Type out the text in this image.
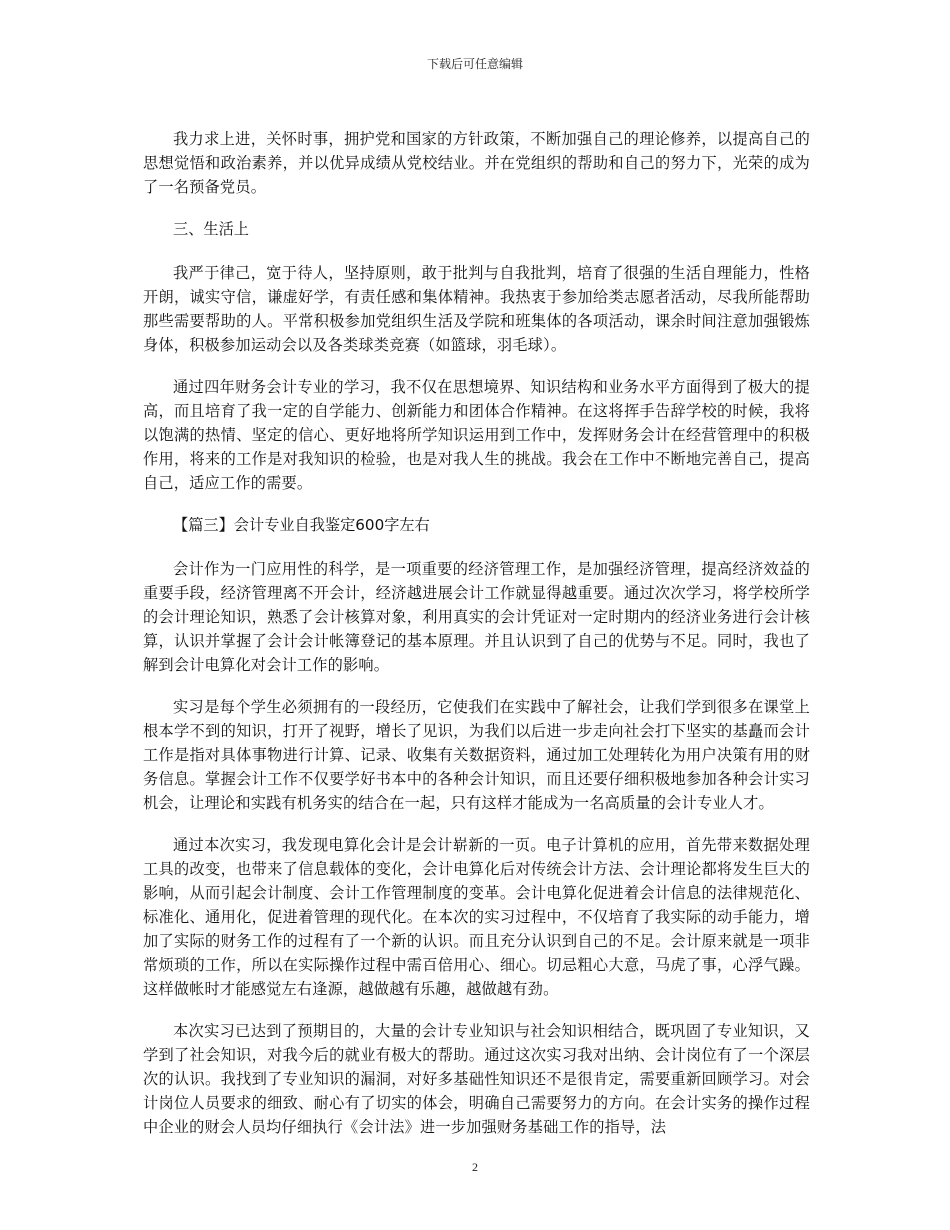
下载后可任意编辑

我力求上进，关怀时事，拥护党和国家的方针政策，不断加强自己的理论修养，以提高自己的思想觉悟和政治素养，并以优异成绩从党校结业。并在党组织的帮助和自己的努力下，光荣的成为了一名预备党员。

三、生活上

我严于律己，宽于待人，坚持原则，敢于批判与自我批判，培育了很强的生活自理能力，性格开朗，诚实守信，谦虚好学，有责任感和集体精神。我热衷于参加给类志愿者活动，尽我所能帮助那些需要帮助的人。平常积极参加党组织生活及学院和班集体的各项活动，课余时间注意加强锻炼身体，积极参加运动会以及各类球类竞赛（如篮球，羽毛球）。

通过四年财务会计专业的学习，我不仅在思想境界、知识结构和业务水平方面得到了极大的提高，而且培育了我一定的自学能力、创新能力和团体合作精神。在这将挥手告辞学校的时候，我将以饱满的热情、坚定的信心、更好地将所学知识运用到工作中，发挥财务会计在经营管理中的积极作用，将来的工作是对我知识的检验，也是对我人生的挑战。我会在工作中不断地完善自己，提高自己，适应工作的需要。

【篇三】会计专业自我鉴定600字左右

会计作为一门应用性的科学，是一项重要的经济管理工作，是加强经济管理，提高经济效益的重要手段，经济管理离不开会计，经济越进展会计工作就显得越重要。通过次次学习，将学校所学的会计理论知识，熟悉了会计核算对象，利用真实的会计凭证对一定时期内的经济业务进行会计核算，认识并掌握了会计会计帐簿登记的基本原理。并且认识到了自己的优势与不足。同时，我也了解到会计电算化对会计工作的影响。

实习是每个学生必须拥有的一段经历，它使我们在实践中了解社会，让我们学到很多在课堂上根本学不到的知识，打开了视野，增长了见识，为我们以后进一步走向社会打下坚实的基矗而会计工作是指对具体事物进行计算、记录、收集有关数据资料，通过加工处理转化为用户决策有用的财务信息。掌握会计工作不仅要学好书本中的各种会计知识，而且还要仔细积极地参加各种会计实习机会，让理论和实践有机务实的结合在一起，只有这样才能成为一名高质量的会计专业人才。

通过本次实习，我发现电算化会计是会计崭新的一页。电子计算机的应用，首先带来数据处理工具的改变，也带来了信息载体的变化，会计电算化后对传统会计方法、会计理论都将发生巨大的影响，从而引起会计制度、会计工作管理制度的变革。会计电算化促进着会计信息的法律规范化、标准化、通用化，促进着管理的现代化。在本次的实习过程中，不仅培育了我实际的动手能力，增加了实际的财务工作的过程有了一个新的认识。而且充分认识到自己的不足。会计原来就是一项非常烦琐的工作，所以在实际操作过程中需百倍用心、细心。切忌粗心大意，马虎了事，心浮气躁。这样做帐时才能感觉左右逢源，越做越有乐趣，越做越有劲。

本次实习已达到了预期目的，大量的会计专业知识与社会知识相结合，既巩固了专业知识，又学到了社会知识，对我今后的就业有极大的帮助。通过这次实习我对出纳、会计岗位有了一个深层次的认识。我找到了专业知识的漏洞，对好多基础性知识还不是很肯定，需要重新回顾学习。对会计岗位人员要求的细致、耐心有了切实的体会，明确自己需要努力的方向。在会计实务的操作过程中企业的财会人员均仔细执行《会计法》进一步加强财务基础工作的指导，法

2
